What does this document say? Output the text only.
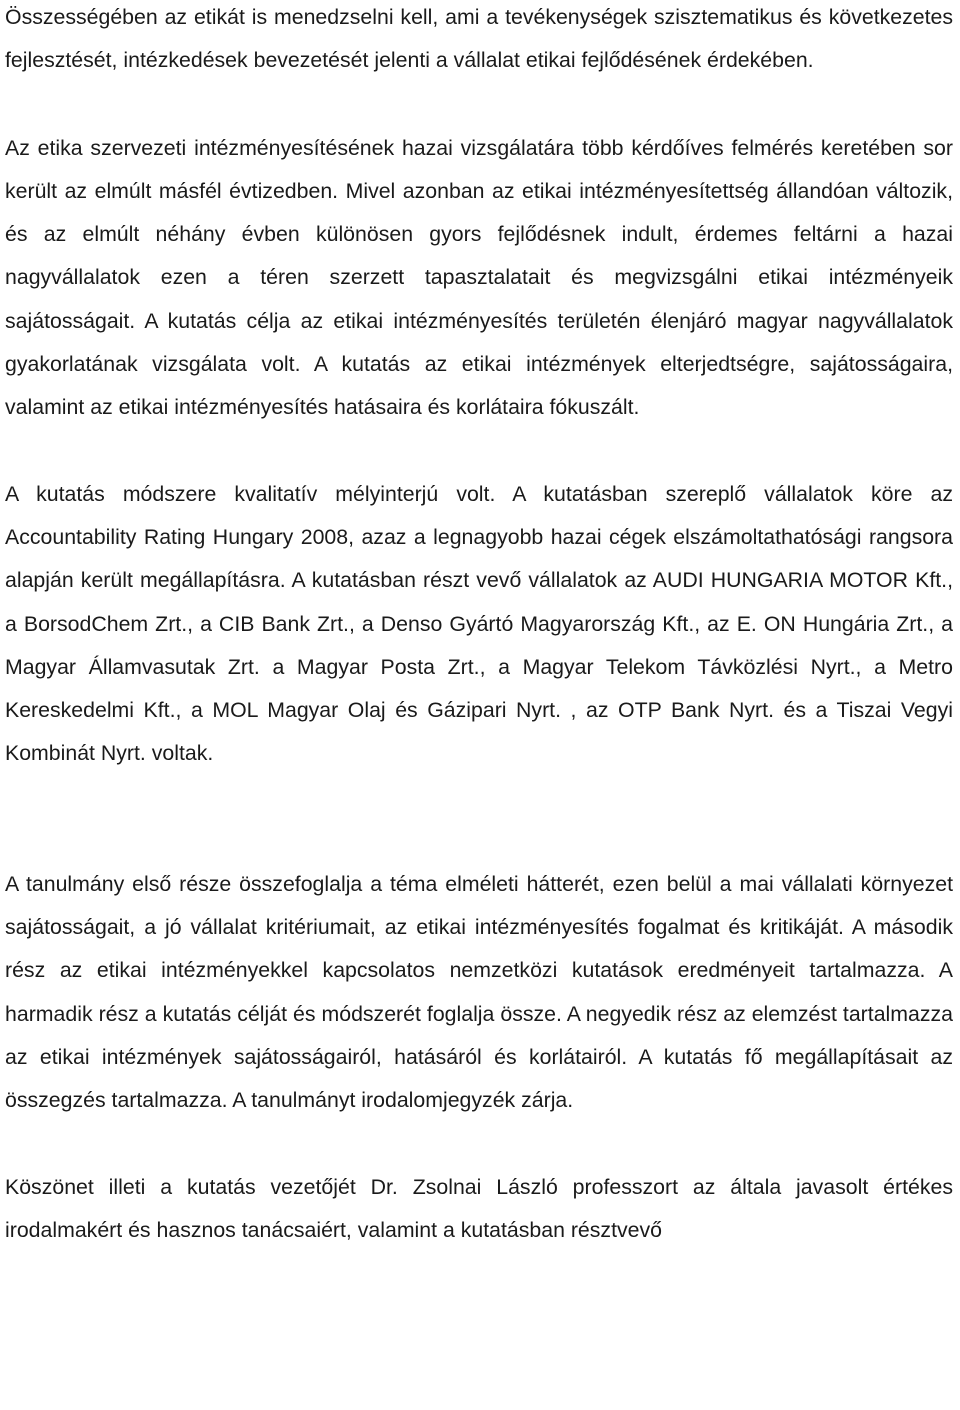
Összességében az etikát is menedzselni kell, ami a tevékenységek szisztematikus és következetes fejlesztését, intézkedések bevezetését jelenti a vállalat etikai fejlődésének érdekében.

Az etika szervezeti intézményesítésének hazai vizsgálatára több kérdőíves felmérés keretében sor került az elmúlt másfél évtizedben. Mivel azonban az etikai intézményesítettség állandóan változik, és az elmúlt néhány évben különösen gyors fejlődésnek indult, érdemes feltárni a hazai nagyvállalatok ezen a téren szerzett tapasztalatait és megvizsgálni etikai intézményeik sajátosságait. A kutatás célja az etikai intézményesítés területén élenjáró magyar nagyvállalatok gyakorlatának vizsgálata volt. A kutatás az etikai intézmények elterjedtségre, sajátosságaira, valamint az etikai intézményesítés hatásaira és korlátaira fókuszált.

A kutatás módszere kvalitatív mélyinterjú volt. A kutatásban szereplő vállalatok köre az Accountability Rating Hungary 2008, azaz a legnagyobb hazai cégek elszámoltathatósági rangsora alapján került megállapításra. A kutatásban részt vevő vállalatok az AUDI HUNGARIA MOTOR Kft., a BorsodChem Zrt., a CIB Bank Zrt., a Denso Gyártó Magyarország Kft., az E. ON Hungária Zrt., a Magyar Államvasutak Zrt. a Magyar Posta Zrt., a Magyar Telekom Távközlési Nyrt., a Metro Kereskedelmi Kft., a MOL Magyar Olaj és Gázipari Nyrt. , az OTP Bank Nyrt. és a Tiszai Vegyi Kombinát Nyrt. voltak.

A tanulmány első része összefoglalja a téma elméleti hátterét, ezen belül a mai vállalati környezet sajátosságait, a jó vállalat kritériumait, az etikai intézményesítés fogalmat és kritikáját. A második rész az etikai intézményekkel kapcsolatos nemzetközi kutatások eredményeit tartalmazza. A harmadik rész a kutatás célját és módszerét foglalja össze. A negyedik rész az elemzést tartalmazza az etikai intézmények sajátosságairól, hatásáról és korlátairól. A kutatás fő megállapításait az összegzés tartalmazza. A tanulmányt irodalomjegyzék zárja.

Köszönet illeti a kutatás vezetőjét Dr. Zsolnai László professzort az általa javasolt értékes irodalmakért és hasznos tanácsaiért, valamint a kutatásban résztvevő
